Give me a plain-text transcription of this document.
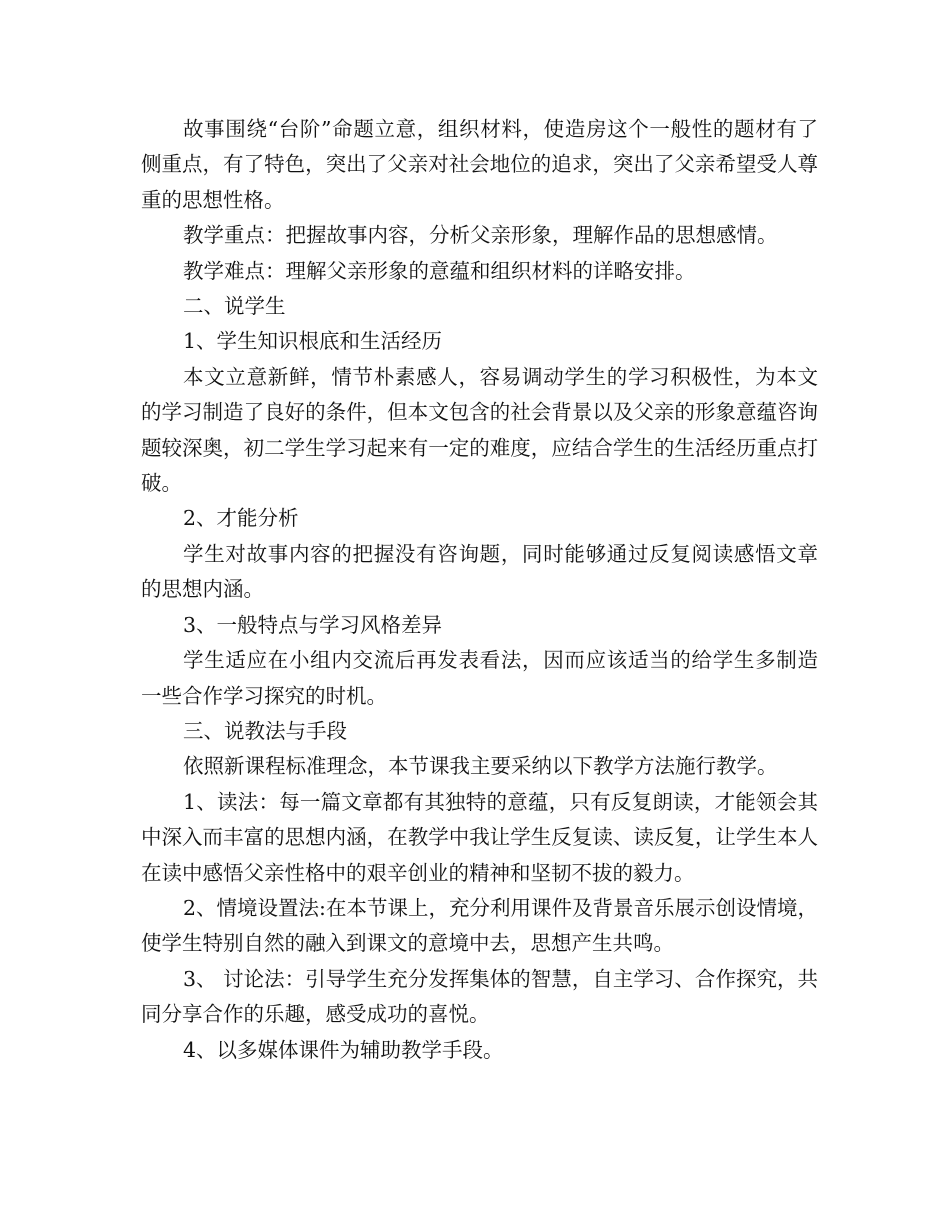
故事围绕“台阶”命题立意，组织材料，使造房这个一般性的题材有了侧重点，有了特色，突出了父亲对社会地位的追求，突出了父亲希望受人尊重的思想性格。

教学重点：把握故事内容，分析父亲形象，理解作品的思想感情。

教学难点：理解父亲形象的意蕴和组织材料的详略安排。

二、说学生

1、学生知识根底和生活经历

本文立意新鲜，情节朴素感人，容易调动学生的学习积极性，为本文的学习制造了良好的条件，但本文包含的社会背景以及父亲的形象意蕴咨询题较深奥，初二学生学习起来有一定的难度，应结合学生的生活经历重点打破。

2、才能分析

学生对故事内容的把握没有咨询题，同时能够通过反复阅读感悟文章的思想内涵。

3、一般特点与学习风格差异

学生适应在小组内交流后再发表看法，因而应该适当的给学生多制造一些合作学习探究的时机。

三、说教法与手段

依照新课程标准理念，本节课我主要采纳以下教学方法施行教学。

1、读法：每一篇文章都有其独特的意蕴，只有反复朗读，才能领会其中深入而丰富的思想内涵，在教学中我让学生反复读、读反复，让学生本人在读中感悟父亲性格中的艰辛创业的精神和坚韧不拔的毅力。

2、情境设置法:在本节课上，充分利用课件及背景音乐展示创设情境，使学生特别自然的融入到课文的意境中去，思想产生共鸣。

3、 讨论法：引导学生充分发挥集体的智慧，自主学习、合作探究，共同分享合作的乐趣，感受成功的喜悦。

4、以多媒体课件为辅助教学手段。
